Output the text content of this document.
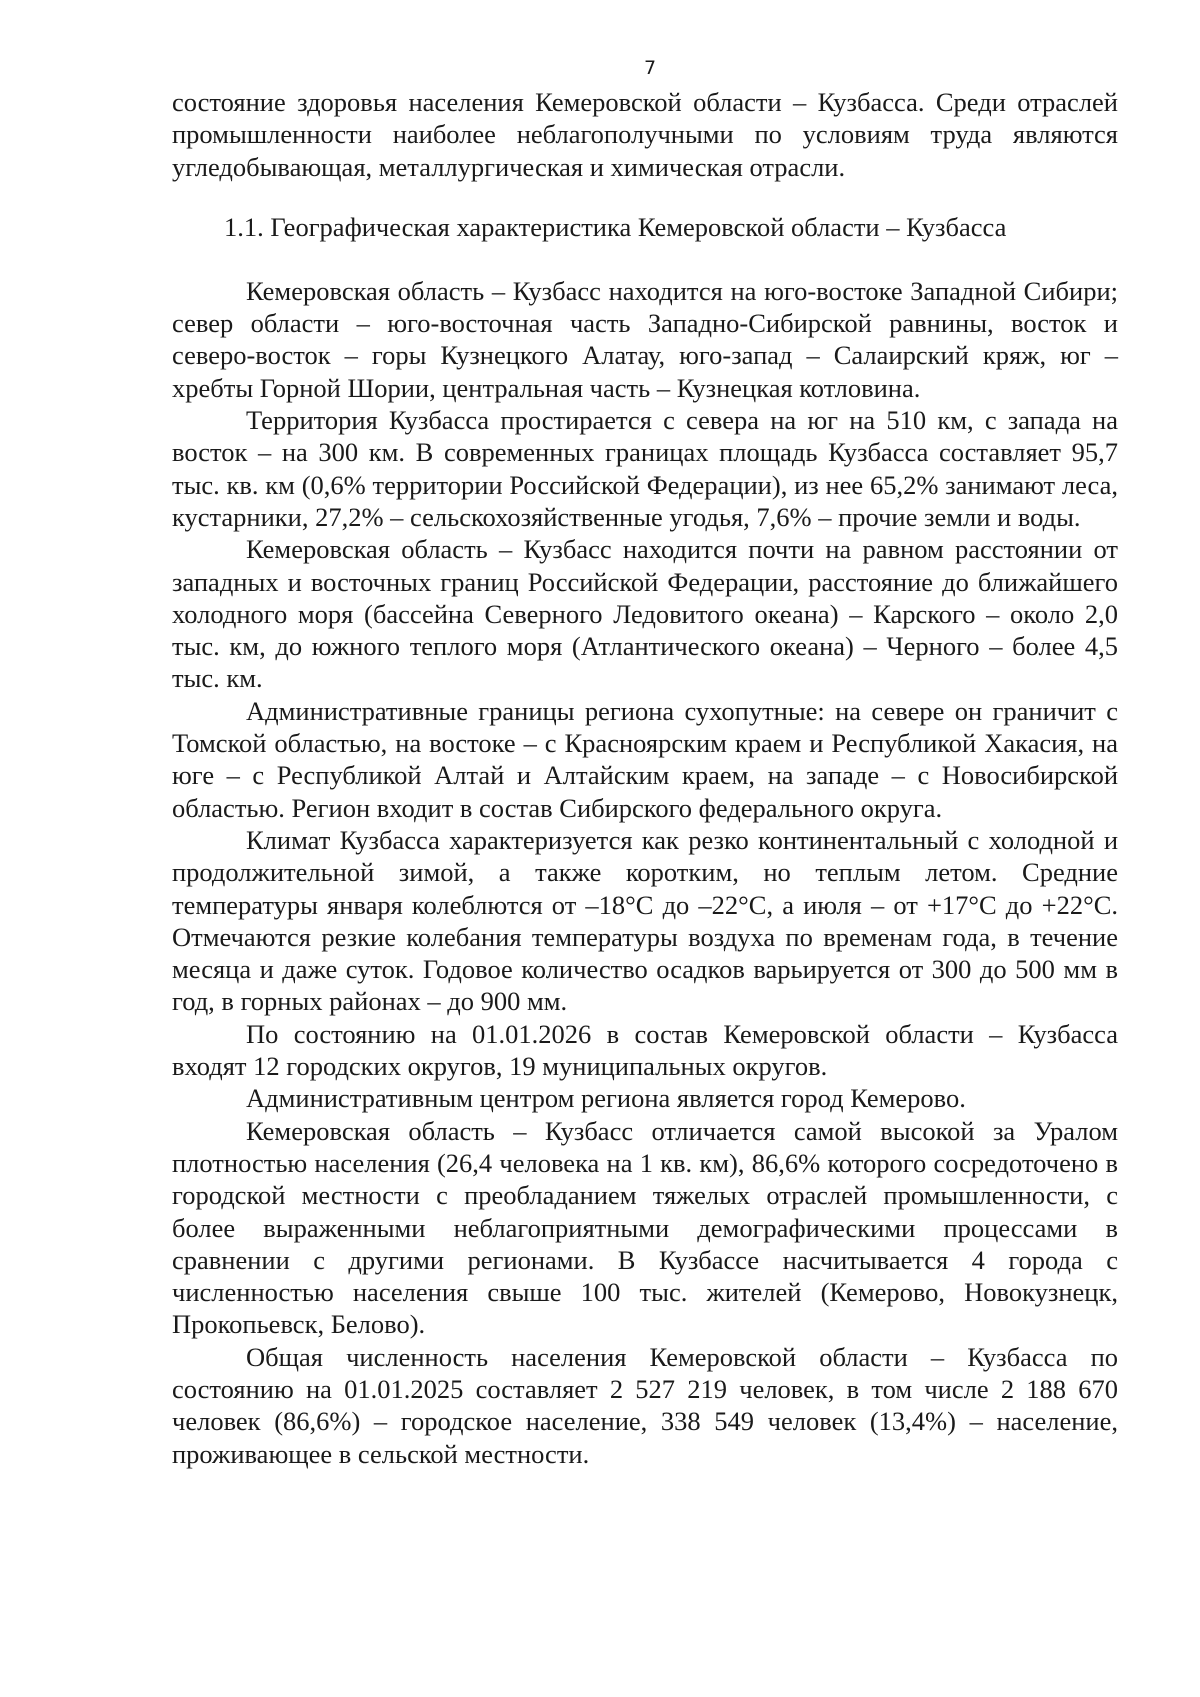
7

состояние здоровья населения Кемеровской области – Кузбасса. Среди отраслей промышленности наиболее неблагополучными по условиям труда являются угледобывающая, металлургическая и химическая отрасли.

1.1. Географическая характеристика Кемеровской области – Кузбасса

Кемеровская область – Кузбасс находится на юго-востоке Западной Сибири; север области – юго-восточная часть Западно-Сибирской равнины, восток и северо-восток – горы Кузнецкого Алатау, юго-запад – Салаирский кряж, юг – хребты Горной Шории, центральная часть – Кузнецкая котловина.

Территория Кузбасса простирается с севера на юг на 510 км, с запада на восток – на 300 км. В современных границах площадь Кузбасса составляет 95,7 тыс. кв. км (0,6% территории Российской Федерации), из нее 65,2% занимают леса, кустарники, 27,2% – сельскохозяйственные угодья, 7,6% – прочие земли и воды.

Кемеровская область – Кузбасс находится почти на равном расстоянии от западных и восточных границ Российской Федерации, расстояние до ближайшего холодного моря (бассейна Северного Ледовитого океана) – Карского – около 2,0 тыс. км, до южного теплого моря (Атлантического океана) – Черного – более 4,5 тыс. км.

Административные границы региона сухопутные: на севере он граничит с Томской областью, на востоке – с Красноярским краем и Республикой Хакасия, на юге – с Республикой Алтай и Алтайским краем, на западе – с Новосибирской областью. Регион входит в состав Сибирского федерального округа.

Климат Кузбасса характеризуется как резко континентальный с холодной и продолжительной зимой, а также коротким, но теплым летом. Средние температуры января колеблются от –18°С до –22°С, а июля – от +17°С до +22°С. Отмечаются резкие колебания температуры воздуха по временам года, в течение месяца и даже суток. Годовое количество осадков варьируется от 300 до 500 мм в год, в горных районах – до 900 мм.

По состоянию на 01.01.2026 в состав Кемеровской области – Кузбасса входят 12 городских округов, 19 муниципальных округов.

Административным центром региона является город Кемерово.

Кемеровская область – Кузбасс отличается самой высокой за Уралом плотностью населения (26,4 человека на 1 кв. км), 86,6% которого сосредоточено в городской местности с преобладанием тяжелых отраслей промышленности, с более выраженными неблагоприятными демографическими процессами в сравнении с другими регионами. В Кузбассе насчитывается 4 города с численностью населения свыше 100 тыс. жителей (Кемерово, Новокузнецк, Прокопьевск, Белово).

Общая численность населения Кемеровской области – Кузбасса по состоянию на 01.01.2025 составляет 2 527 219 человек, в том числе 2 188 670 человек (86,6%) – городское население, 338 549 человек (13,4%) – население, проживающее в сельской местности.
